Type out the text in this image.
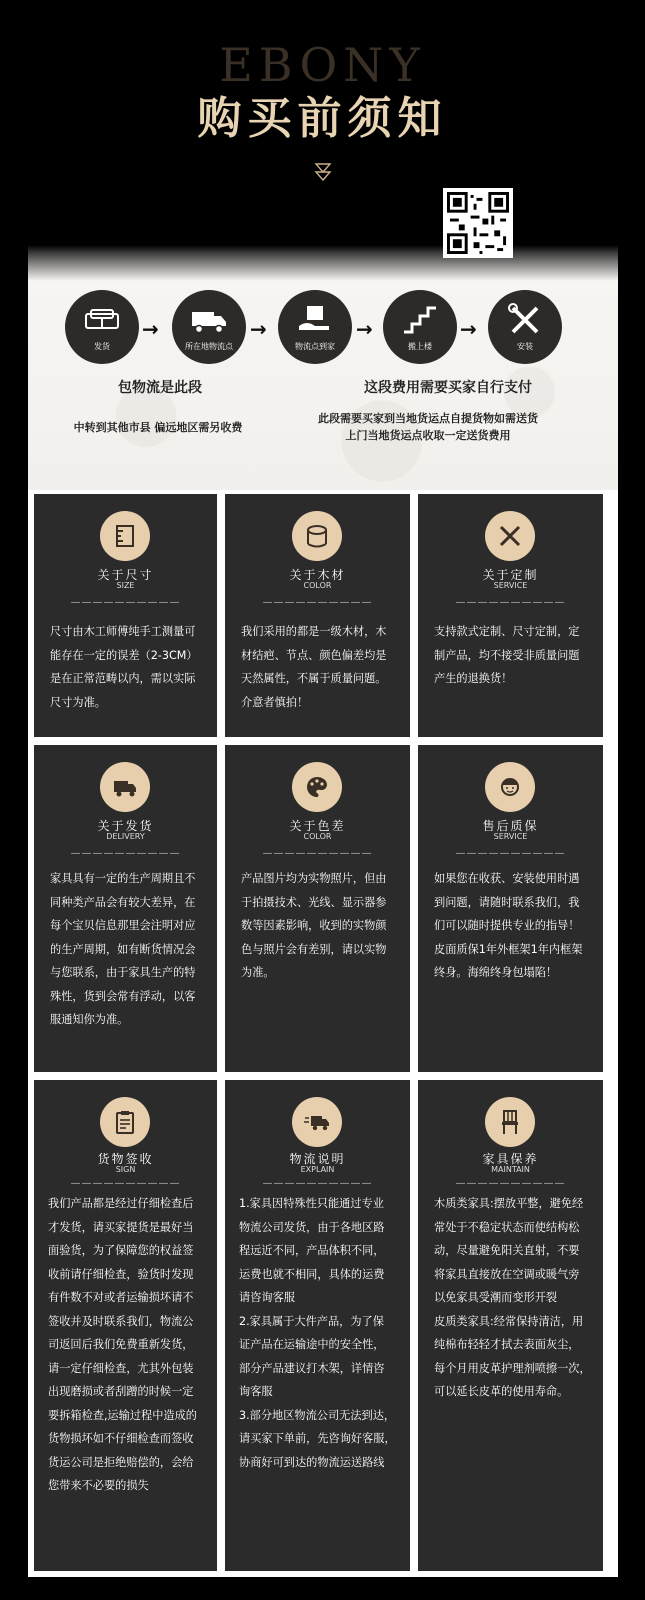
EBONY
购买前须知
发货
→
所在地物流点
→
物流点到家
→
搬上楼
→
安装
包物流是此段
中转到其他市县 偏远地区需另收费
这段费用需要买家自行支付
此段需要买家到当地货运点自提货物如需送货
上门当地货运点收取一定送货费用
关于尺寸
SIZE
——————————

尺寸由木工师傅纯手工测量可

能存在一定的误差（2-3CM）

是在正常范畴以内，需以实际

尺寸为准。

关于木材
COLOR
——————————

我们采用的都是一级木材，木

材结疤、节点、颜色偏差均是

天然属性，不属于质量问题。

介意者慎拍！

关于定制
SERVICE
——————————

支持款式定制、尺寸定制，定

制产品，均不接受非质量问题

产生的退换货！

关于发货
DELIVERY
——————————

家具具有一定的生产周期且不

同种类产品会有较大差异，在

每个宝贝信息那里会注明对应

的生产周期，如有断货情况会

与您联系，由于家具生产的特

殊性，货到会常有浮动，以客

服通知你为准。

关于色差
COLOR
——————————

产品图片均为实物照片，但由

于拍摄技术、光线、显示器参

数等因素影响，收到的实物颜

色与照片会有差别，请以实物

为准。

售后质保
SERVICE
——————————

如果您在收获、安装使用时遇

到问题，请随时联系我们，我

们可以随时提供专业的指导！

皮面质保1年外框架1年内框架

终身。海绵终身包塌陷！

货物签收
SIGN
——————————

我们产品都是经过仔细检查后

才发货，请买家提货是最好当

面验货，为了保障您的权益签

收前请仔细检查，验货时发现

有件数不对或者运输损坏请不

签收并及时联系我们，物流公

司返回后我们免费重新发货，

请一定仔细检查，尤其外包装

出现磨损或者刮蹭的时候一定

要拆箱检查,运输过程中造成的

货物损坏如不仔细检查而签收

货运公司是拒绝赔偿的，会给

您带来不必要的损失

物流说明
EXPLAIN
——————————

1.家具因特殊性只能通过专业

物流公司发货，由于各地区路

程远近不同，产品体积不同，

运费也就不相同，具体的运费

请咨询客服

2.家具属于大件产品，为了保

证产品在运输途中的安全性，

部分产品建议打木架，详情咨

询客服

3.部分地区物流公司无法到达，

请买家下单前，先咨询好客服，

协商好可到达的物流运送路线

家具保养
MAINTAIN
——————————

木质类家具:摆放平整，避免经

常处于不稳定状态而使结构松

动，尽量避免阳关直射，不要

将家具直接放在空调或暖气旁

以免家具受潮而变形开裂

皮质类家具:经常保持清洁，用

纯棉布轻轻才拭去表面灰尘，

每个月用皮革护理剂喷擦一次，

可以延长皮革的使用寿命。
